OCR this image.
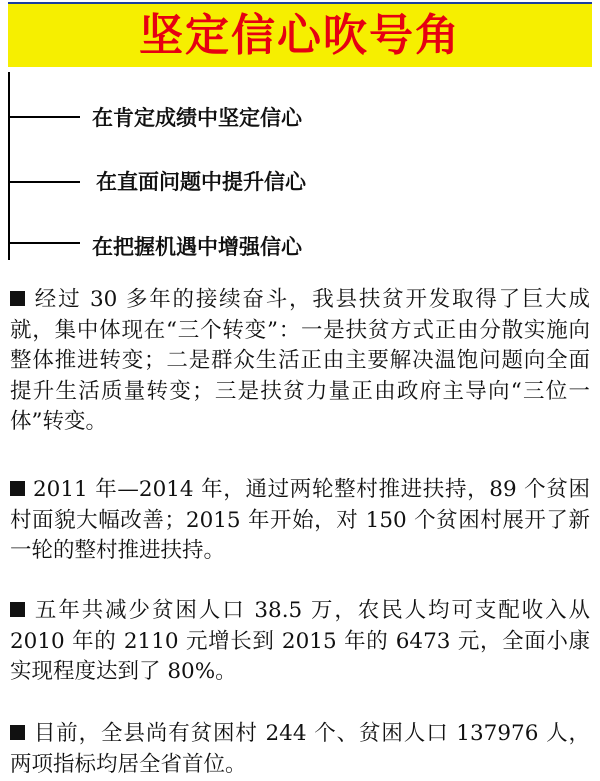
坚定信心吹号角
在肯定成绩中坚定信心
在直面问题中提升信心
在把握机遇中增强信心

经过 30 多年的接续奋斗，我县扶贫开发取得了巨大成就，集中体现在“三个转变”：一是扶贫方式正由分散实施向整体推进转变；二是群众生活正由主要解决温饱问题向全面提升生活质量转变；三是扶贫力量正由政府主导向“三位一体”转变。

2011 年—2014 年，通过两轮整村推进扶持，89 个贫困村面貌大幅改善；2015 年开始，对 150 个贫困村展开了新一轮的整村推进扶持。

五年共减少贫困人口 38.5 万，农民人均可支配收入从 2010 年的 2110 元增长到 2015 年的 6473 元，全面小康实现程度达到了 80%。

目前，全县尚有贫困村 244 个、贫困人口 137976 人，两项指标均居全省首位。
